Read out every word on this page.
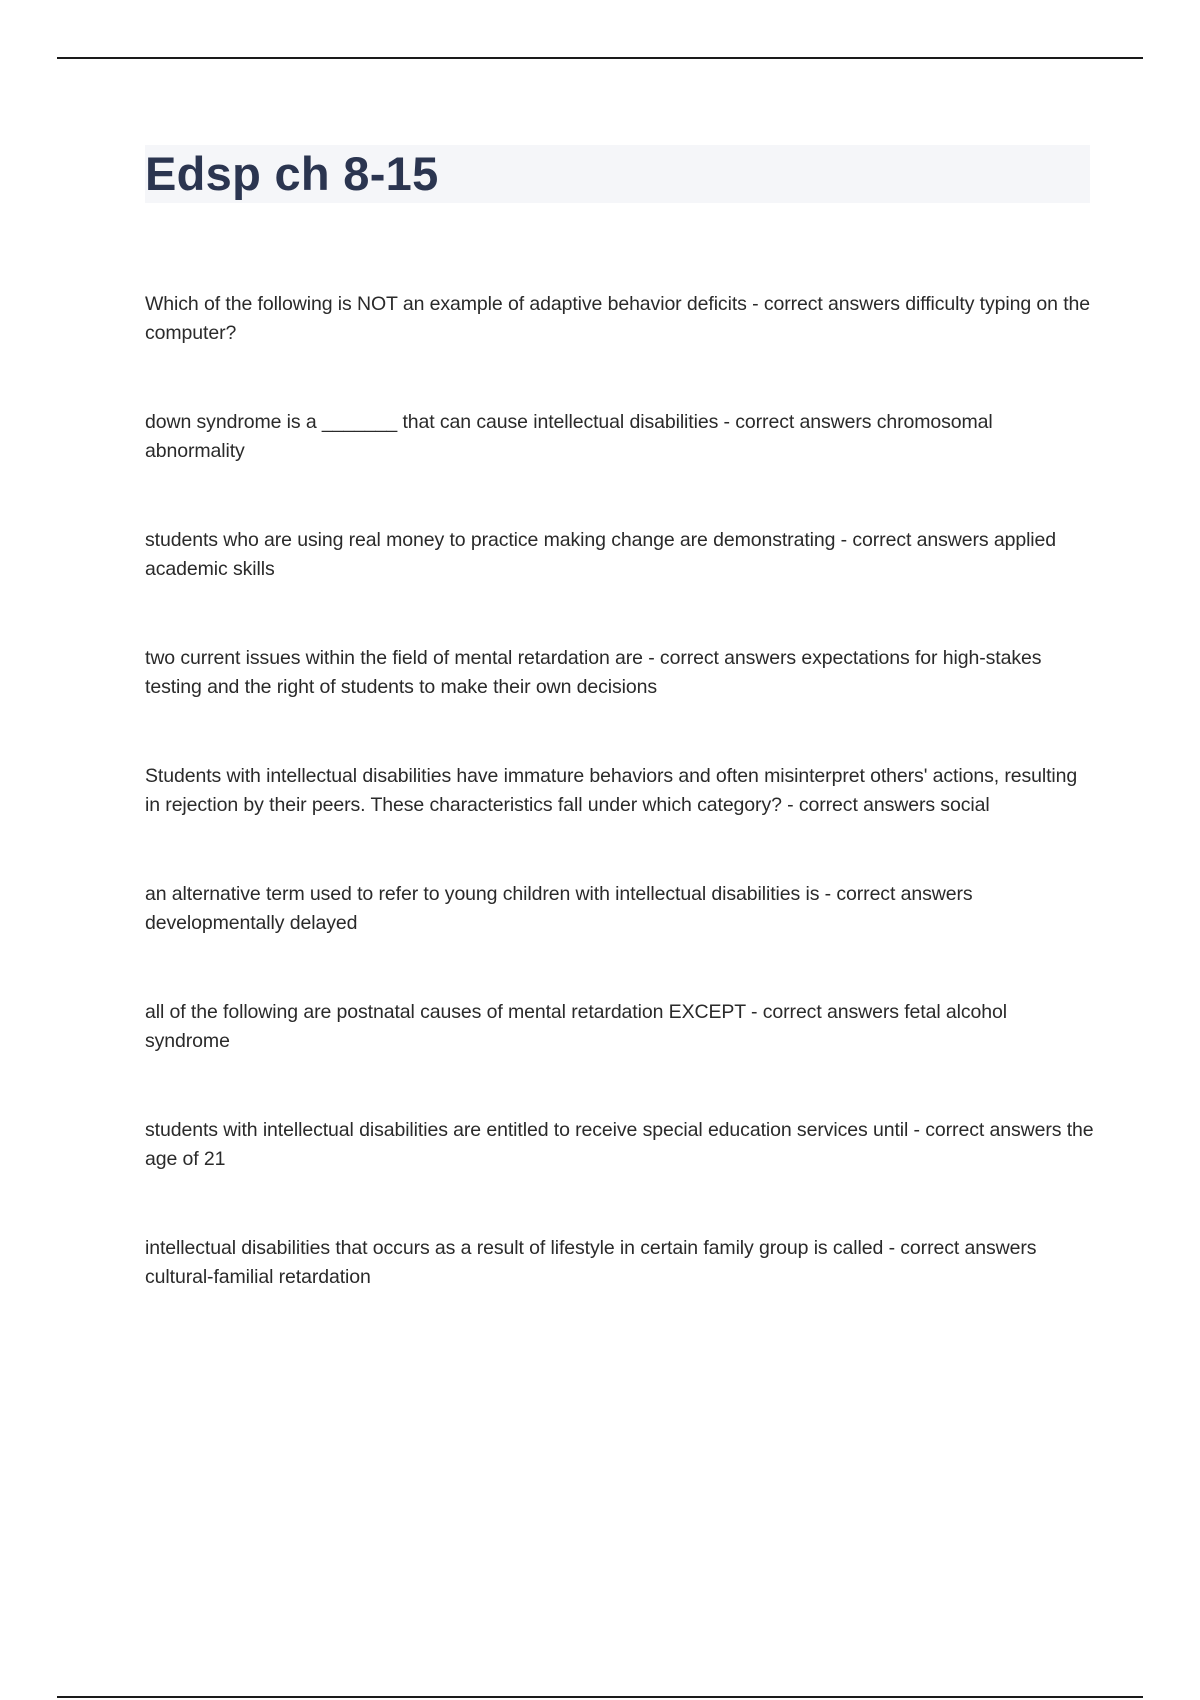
Edsp ch 8-15

Which of the following is NOT an example of adaptive behavior deficits - correct answers difficulty typing on the computer?

down syndrome is a _______ that can cause intellectual disabilities - correct answers chromosomal abnormality

students who are using real money to practice making change are demonstrating - correct answers applied academic skills

two current issues within the field of mental retardation are - correct answers expectations for high-stakes testing and the right of students to make their own decisions

Students with intellectual disabilities have immature behaviors and often misinterpret others' actions, resulting in rejection by their peers. These characteristics fall under which category? - correct answers social

an alternative term used to refer to young children with intellectual disabilities is - correct answers developmentally delayed

all of the following are postnatal causes of mental retardation EXCEPT - correct answers fetal alcohol syndrome

students with intellectual disabilities are entitled to receive special education services until - correct answers the age of 21

intellectual disabilities that occurs as a result of lifestyle in certain family group is called - correct answers cultural-familial retardation
